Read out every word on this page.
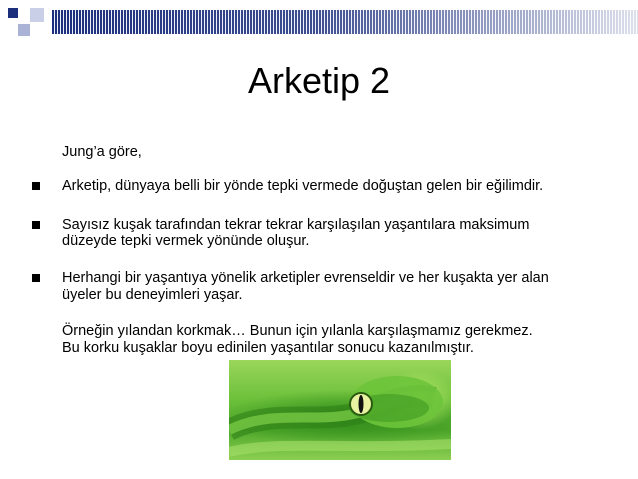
Arketip 2
Jung’a göre,
Arketip, dünyaya belli bir yönde tepki vermede doğuştan gelen bir eğilimdir.
Sayısız kuşak tarafından tekrar tekrar karşılaşılan yaşantılara maksimum
düzeyde tepki vermek yönünde oluşur.
Herhangi bir yaşantıya yönelik arketipler evrenseldir ve her kuşakta yer alan
üyeler bu deneyimleri yaşar.
Örneğin yılandan korkmak… Bunun için yılanla karşılaşmamız gerekmez.
Bu korku kuşaklar boyu edinilen yaşantılar sonucu kazanılmıştır.
